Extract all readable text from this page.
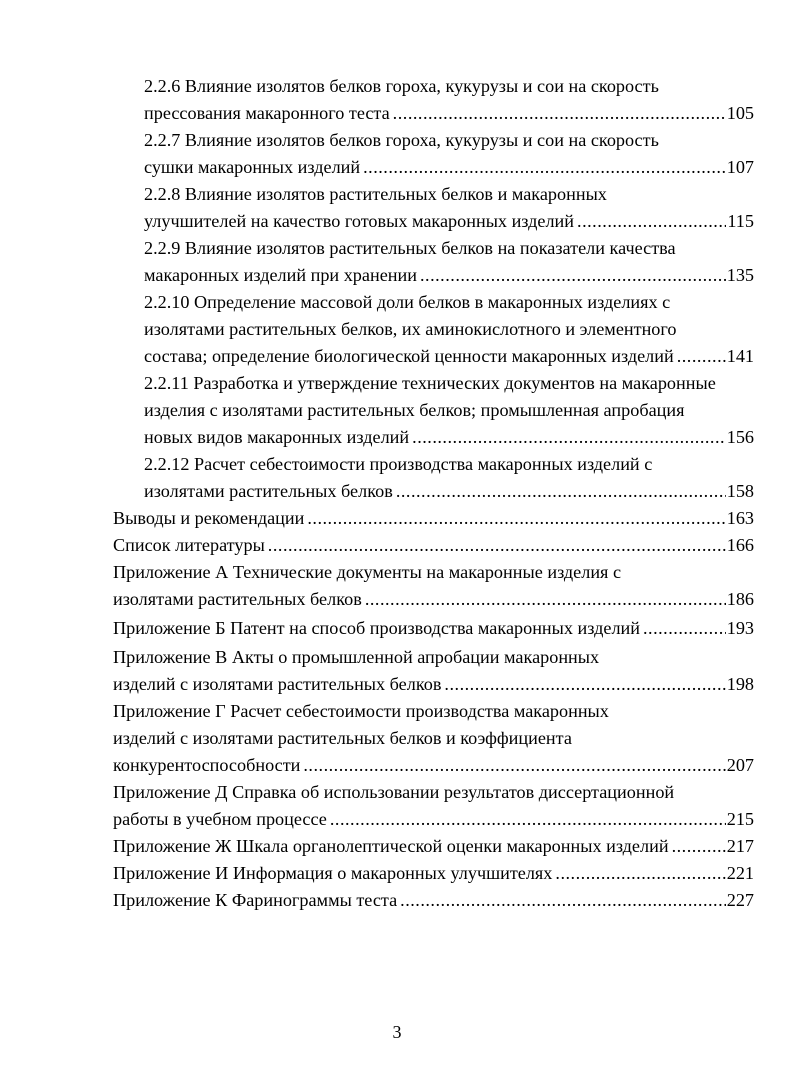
2.2.6 Влияние изолятов белков гороха, кукурузы и сои на скорость
прессования макаронного теста .....	105
2.2.7 Влияние изолятов белков гороха, кукурузы и сои на скорость
сушки макаронных изделий .....	107
2.2.8 Влияние изолятов растительных белков и макаронных
улучшителей на качество готовых макаронных изделий .....	115
2.2.9 Влияние изолятов растительных белков на показатели качества
макаронных изделий при хранении .....	135
2.2.10 Определение массовой доли белков в макаронных изделиях с
изолятами растительных белков, их аминокислотного и элементного
состава; определение биологической ценности макаронных изделий .....	141
2.2.11 Разработка и утверждение технических документов на макаронные
изделия с изолятами растительных белков; промышленная апробация
новых видов макаронных изделий .....	156
2.2.12 Расчет себестоимости производства макаронных изделий с
изолятами растительных белков .....	158
Выводы и рекомендации .....	163
Список литературы .....	166
Приложение А Технические документы на макаронные изделия с
изолятами растительных белков .....	186
Приложение Б Патент на способ производства макаронных изделий .....	193
Приложение В Акты о промышленной апробации макаронных
изделий с изолятами растительных белков .....	198
Приложение Г Расчет себестоимости производства макаронных
изделий с изолятами растительных белков и коэффициента
конкурентоспособности .....	207
Приложение Д Справка об использовании результатов диссертационной
работы в учебном процессе .....	215
Приложение Ж Шкала органолептической оценки макаронных изделий .....	217
Приложение И Информация о макаронных улучшителях .....	221
Приложение К Фаринограммы теста .....	227
3
